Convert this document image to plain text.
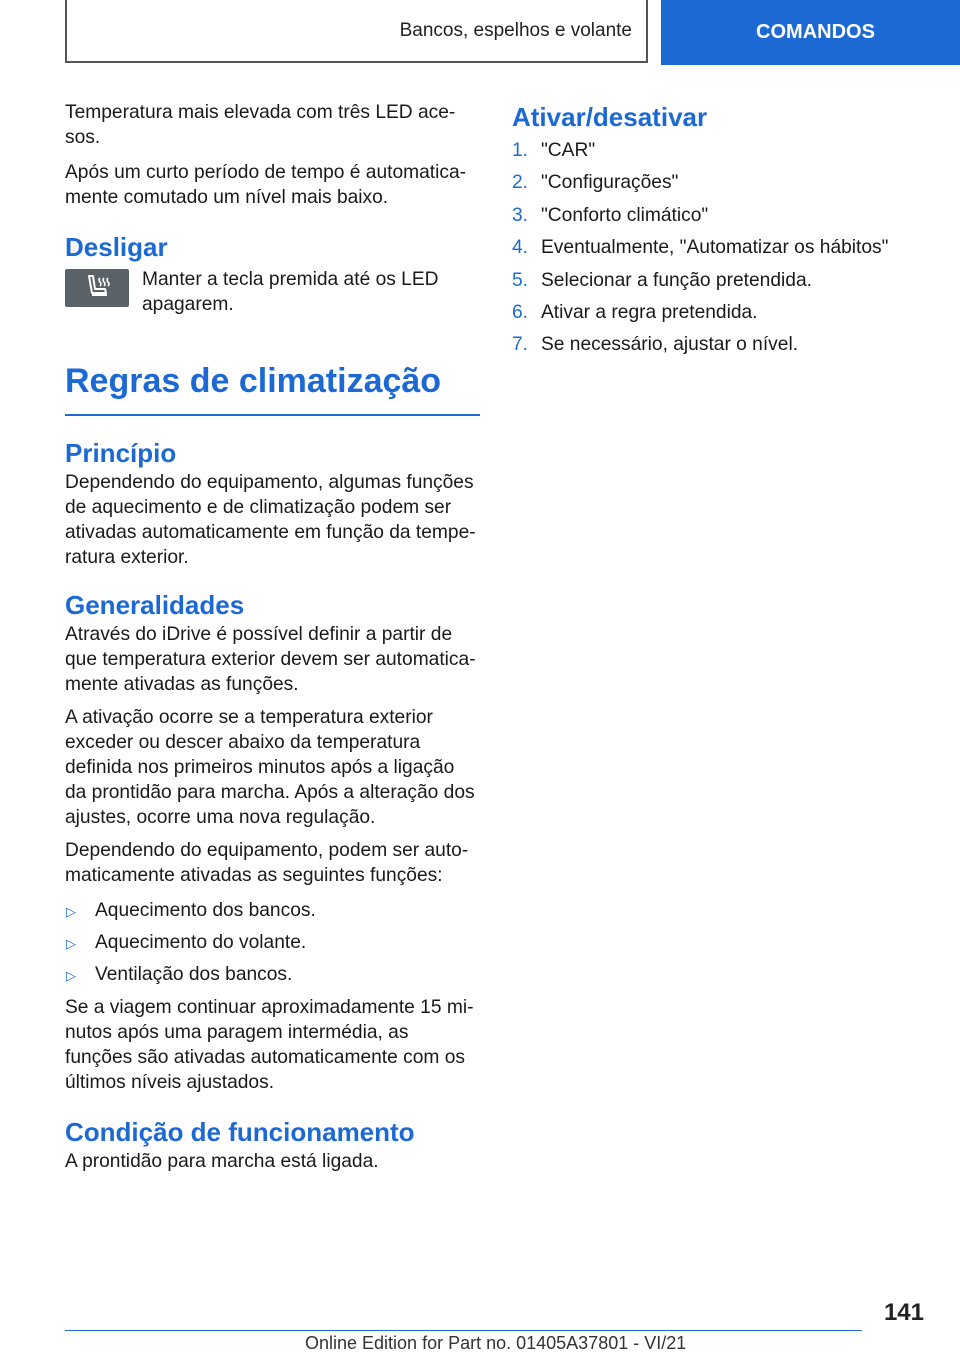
Bancos, espelhos e volante	COMANDOS

Temperatura mais elevada com três LED acesos.

Após um curto período de tempo é automaticamente comutado um nível mais baixo.

Desligar

Manter a tecla premida até os LED apagarem.

Regras de climatização
Princípio

Dependendo do equipamento, algumas funções de aquecimento e de climatização podem ser ativadas automaticamente em função da temperatura exterior.

Generalidades

Através do iDrive é possível definir a partir de que temperatura exterior devem ser automaticamente ativadas as funções.

A ativação ocorre se a temperatura exterior exceder ou descer abaixo da temperatura definida nos primeiros minutos após a ligação da prontidão para marcha. Após a alteração dos ajustes, ocorre uma nova regulação.

Dependendo do equipamento, podem ser automaticamente ativadas as seguintes funções:

▷ Aquecimento dos bancos.
▷ Aquecimento do volante.
▷ Ventilação dos bancos.

Se a viagem continuar aproximadamente 15 minutos após uma paragem intermédia, as funções são ativadas automaticamente com os últimos níveis ajustados.

Condição de funcionamento

A prontidão para marcha está ligada.

Ativar/desativar
1. "CAR"
2. "Configurações"
3. "Conforto climático"
4. Eventualmente, "Automatizar os hábitos"
5. Selecionar a função pretendida.
6. Ativar a regra pretendida.
7. Se necessário, ajustar o nível.
141
Online Edition for Part no. 01405A37801 - VI/21
